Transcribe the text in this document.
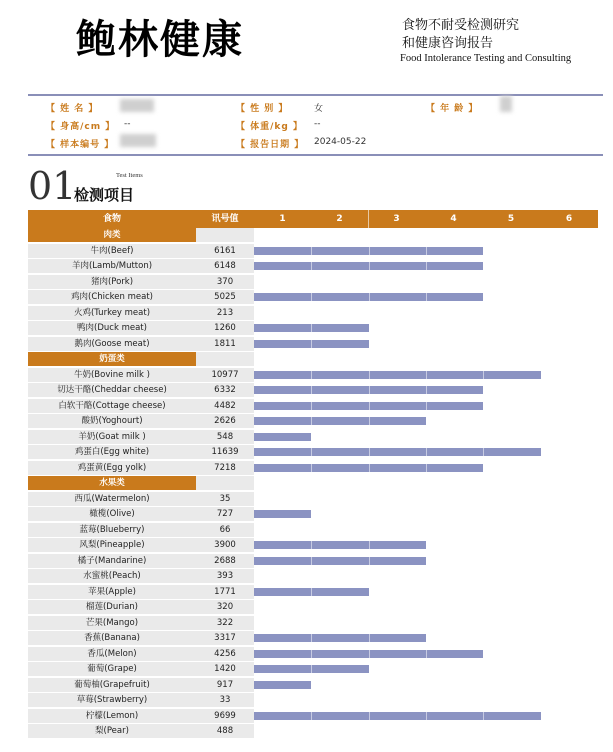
鲍林健康	食物不耐受检测研究
和健康咨询报告
Food Intolerance Testing and Consulting
【 姓 名 】	【 性 别 】	女	【 年 龄 】
【 身高/cm 】 --	【 体重/kg 】 --
【 样本编号 】	【 报告日期 】 2024-05-22
01
检测项目
Test Items
食物	讯号值	1	2	3	4	5	6
肉类
牛肉(Beef)	6161
羊肉(Lamb/Mutton)	6148
猪肉(Pork)	370
鸡肉(Chicken meat)	5025
火鸡(Turkey meat)	213
鸭肉(Duck meat)	1260
鹅肉(Goose meat)	1811
奶蛋类
牛奶(Bovine milk )	10977
切达干酪(Cheddar cheese)	6332
白软干酪(Cottage cheese)	4482
酸奶(Yoghourt)	2626
羊奶(Goat milk )	548
鸡蛋白(Egg white)	11639
鸡蛋黄(Egg yolk)	7218
水果类
西瓜(Watermelon)	35
橄榄(Olive)	727
蓝莓(Blueberry)	66
风梨(Pineapple)	3900
橘子(Mandarine)	2688
水蜜桃(Peach)	393
苹果(Apple)	1771
榴莲(Durian)	320
芒果(Mango)	322
香蕉(Banana)	3317
香瓜(Melon)	4256
葡萄(Grape)	1420
葡萄柚(Grapefruit)	917
草莓(Strawberry)	33
柠檬(Lemon)	9699
梨(Pear)	488
